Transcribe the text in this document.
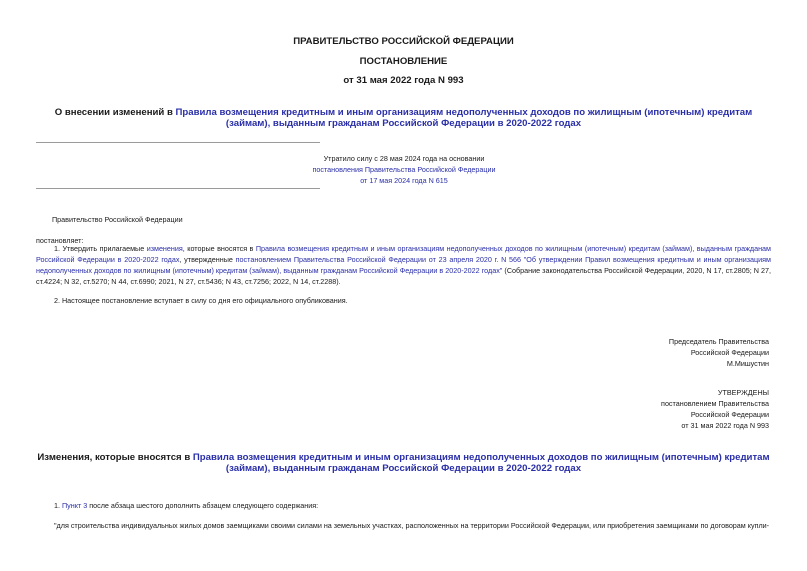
ПРАВИТЕЛЬСТВО РОССИЙСКОЙ ФЕДЕРАЦИИ
ПОСТАНОВЛЕНИЕ
от 31 мая 2022 года N 993
О внесении изменений в Правила возмещения кредитным и иным организациям недополученных доходов по жилищным (ипотечным) кредитам (займам), выданным гражданам Российской Федерации в 2020-2022 годах
Утратило силу с 28 мая 2024 года на основании
постановления Правительства Российской Федерации
от 17 мая 2024 года N 615
Правительство Российской Федерации
постановляет:
1. Утвердить прилагаемые изменения, которые вносятся в Правила возмещения кредитным и иным организациям недополученных доходов по жилищным (ипотечным) кредитам (займам), выданным гражданам Российской Федерации в 2020-2022 годах, утвержденные постановлением Правительства Российской Федерации от 23 апреля 2020 г. N 566 "Об утверждении Правил возмещения кредитным и иным организациям недополученных доходов по жилищным (ипотечным) кредитам (займам), выданным гражданам Российской Федерации в 2020-2022 годах" (Собрание законодательства Российской Федерации, 2020, N 17, ст.2805; N 27, ст.4224; N 32, ст.5270; N 44, ст.6990; 2021, N 27, ст.5436; N 43, ст.7256; 2022, N 14, ст.2288).
2. Настоящее постановление вступает в силу со дня его официального опубликования.
Председатель Правительства
Российской Федерации
М.Мишустин
УТВЕРЖДЕНЫ
постановлением Правительства
Российской Федерации
от 31 мая 2022 года N 993
Изменения, которые вносятся в Правила возмещения кредитным и иным организациям недополученных доходов по жилищным (ипотечным) кредитам (займам), выданным гражданам Российской Федерации в 2020-2022 годах
1. Пункт 3 после абзаца шестого дополнить абзацем следующего содержания:
"для строительства индивидуальных жилых домов заемщиками своими силами на земельных участках, расположенных на территории Российской Федерации, или приобретения заемщиками по договорам купли-
